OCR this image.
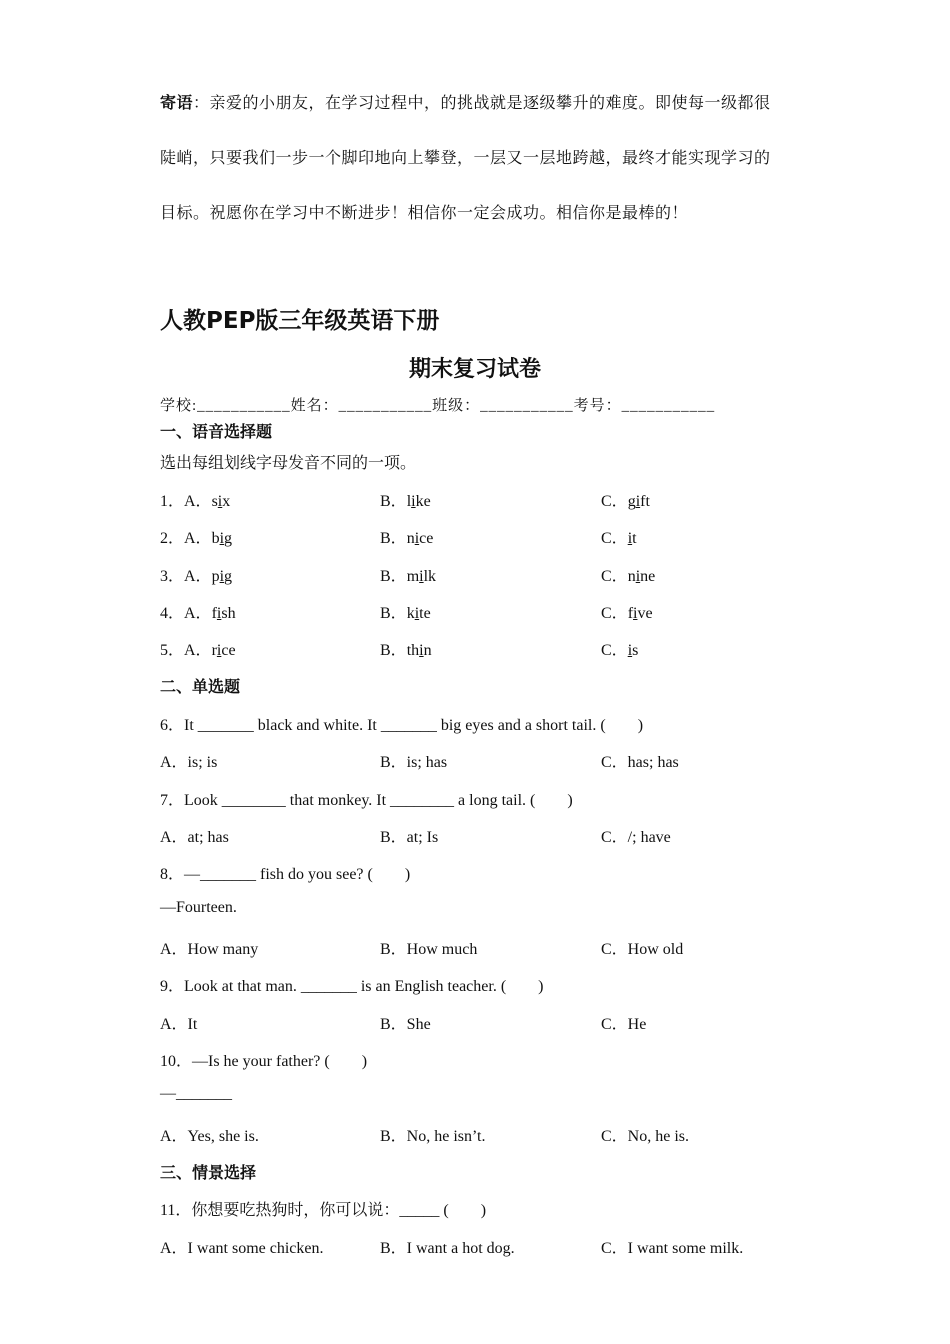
寄语：亲爱的小朋友，在学习过程中，的挑战就是逐级攀升的难度。即使每一级都很
陡峭，只要我们一步一个脚印地向上攀登，一层又一层地跨越，最终才能实现学习的
目标。祝愿你在学习中不断进步！相信你一定会成功。相信你是最棒的！
人教PEP版三年级英语下册
期末复习试卷
学校:___________姓名：___________班级：___________考号：___________
一、语音选择题
选出每组划线字母发音不同的一项。
1．A．six	B．like	C．gift
2．A．big	B．nice	C．it
3．A．pig	B．milk	C．nine
4．A．fish	B．kite	C．five
5．A．rice	B．thin	C．is
二、单选题
6．It _______ black and white. It _______ big eyes and a short tail. (　　)
A．is; is	B．is; has	C．has; has
7．Look ________ that monkey. It ________ a long tail. (　　)
A．at; has	B．at; Is	C．/; have
8．—_______ fish do you see? (　　)
—Fourteen.
A．How many	B．How much	C．How old
9．Look at that man. _______ is an English teacher. (　　)
A．It	B．She	C．He
10．—Is he your father? (　　)
—_______
A．Yes, she is.	B．No, he isn’t.	C．No, he is.
三、情景选择
11．你想要吃热狗时，你可以说：_____ (　　)
A．I want some chicken.	B．I want a hot dog.	C．I want some milk.
